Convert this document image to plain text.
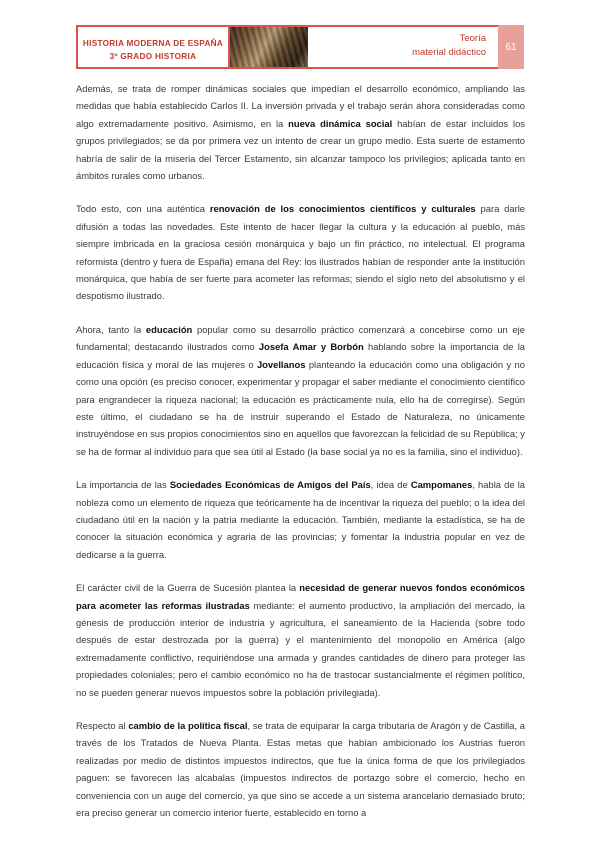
HISTORIA MODERNA DE ESPAÑA
3º GRADO HISTORIA
Teoría
material didáctico	61

Además, se trata de romper dinámicas sociales que impedían el desarrollo económico, ampliando las medidas que había establecido Carlos II. La inversión privada y el trabajo serán ahora consideradas como algo extremadamente positivo. Asimismo, en la nueva dinámica social habían de estar incluidos los grupos privilegiados; se da por primera vez un intento de crear un grupo medio. Esta suerte de estamento habría de salir de la miseria del Tercer Estamento, sin alcanzar tampoco los privilegios; aplicada tanto en ámbitos rurales como urbanos.

Todo esto, con una auténtica renovación de los conocimientos científicos y culturales para darle difusión a todas las novedades. Este intento de hacer llegar la cultura y la educación al pueblo, más siempre imbricada en la graciosa cesión monárquica y bajo un fin práctico, no intelectual. El programa reformista (dentro y fuera de España) emana del Rey: los ilustrados habían de responder ante la institución monárquica, que había de ser fuerte para acometer las reformas; siendo el siglo neto del absolutismo y el despotismo ilustrado.

Ahora, tanto la educación popular como su desarrollo práctico comenzará a concebirse como un eje fundamental; destacando ilustrados como Josefa Amar y Borbón hablando sobre la importancia de la educación física y moral de las mujeres o Jovellanos planteando la educación como una obligación y no como una opción (es preciso conocer, experimentar y propagar el saber mediante el conocimiento científico para engrandecer la riqueza nacional; la educación es prácticamente nula, ello ha de corregirse). Según este último, el ciudadano se ha de instruir superando el Estado de Naturaleza, no únicamente instruyéndose en sus propios conocimientos sino en aquellos que favorezcan la felicidad de su República; y se ha de formar al individuo para que sea útil al Estado (la base social ya no es la familia, sino el individuo).

La importancia de las Sociedades Económicas de Amigos del País, idea de Campomanes, habla de la nobleza como un elemento de riqueza que teóricamente ha de incentivar la riqueza del pueblo; o la idea del ciudadano útil en la nación y la patria mediante la educación. También, mediante la estadística, se ha de conocer la situación económica y agraria de las provincias; y fomentar la industria popular en vez de dedicarse a la guerra.

El carácter civil de la Guerra de Sucesión plantea la necesidad de generar nuevos fondos económicos para acometer las reformas ilustradas mediante: el aumento productivo, la ampliación del mercado, la génesis de producción interior de industria y agricultura, el saneamiento de la Hacienda (sobre todo después de estar destrozada por la guerra) y el mantenimiento del monopolio en América (algo extremadamente conflictivo, requiriéndose una armada y grandes cantidades de dinero para proteger las propiedades coloniales; pero el cambio económico no ha de trastocar sustancialmente el régimen político, no se pueden generar nuevos impuestos sobre la población privilegiada).

Respecto al cambio de la política fiscal, se trata de equiparar la carga tributaria de Aragón y de Castilla, a través de los Tratados de Nueva Planta. Estas metas que habían ambicionado los Austrias fueron realizadas por medio de distintos impuestos indirectos, que fue la única forma de que los privilegiados paguen: se favorecen las alcabalas (impuestos indirectos de portazgo sobre el comercio, hecho en conveniencia con un auge del comercio, ya que sino se accede a un sistema arancelario demasiado bruto; era preciso generar un comercio interior fuerte, establecido en torno a
